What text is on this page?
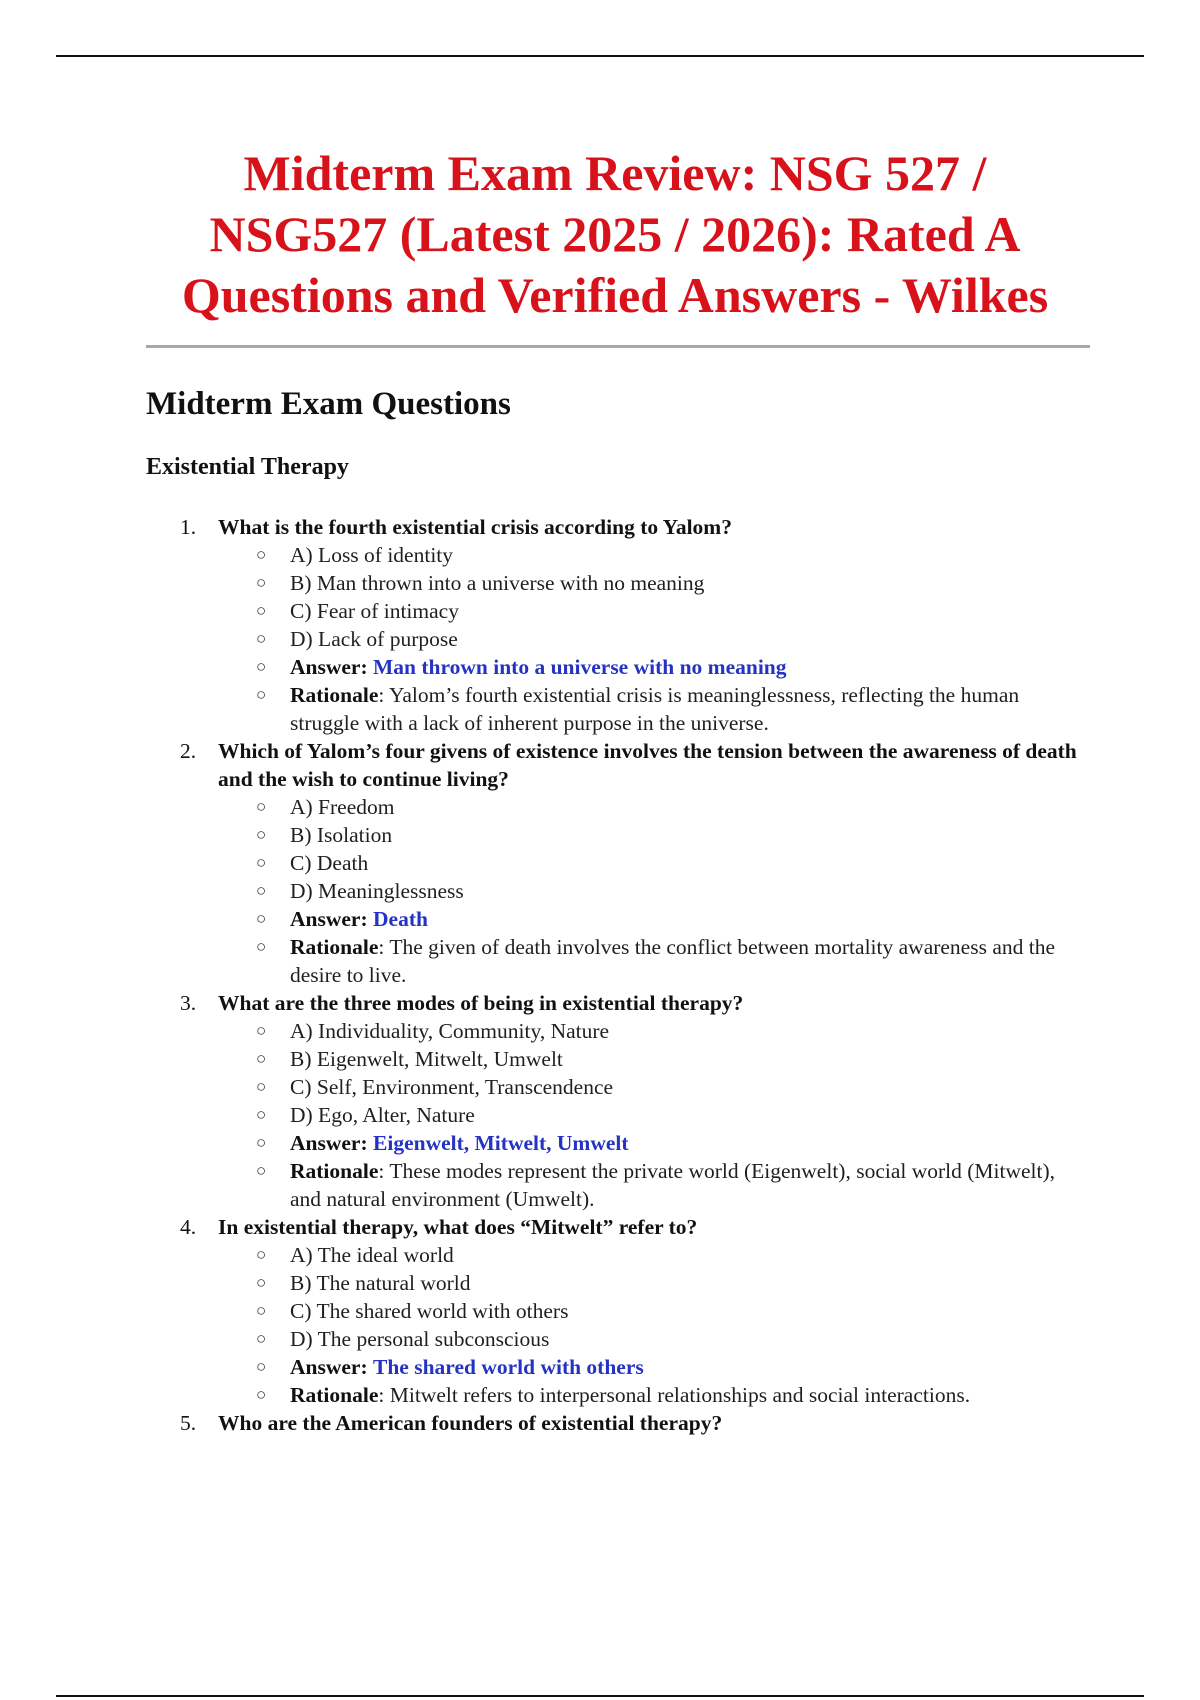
Midterm Exam Review: NSG 527 /
NSG527 (Latest 2025 / 2026): Rated A
Questions and Verified Answers - Wilkes
Midterm Exam Questions
Existential Therapy
1. What is the fourth existential crisis according to Yalom?
○ A) Loss of identity
○ B) Man thrown into a universe with no meaning
○ C) Fear of intimacy
○ D) Lack of purpose
○ Answer: Man thrown into a universe with no meaning
○ Rationale: Yalom’s fourth existential crisis is meaninglessness, reflecting the human struggle with a lack of inherent purpose in the universe.
2. Which of Yalom’s four givens of existence involves the tension between the awareness of death and the wish to continue living?
○ A) Freedom
○ B) Isolation
○ C) Death
○ D) Meaninglessness
○ Answer: Death
○ Rationale: The given of death involves the conflict between mortality awareness and the desire to live.
3. What are the three modes of being in existential therapy?
○ A) Individuality, Community, Nature
○ B) Eigenwelt, Mitwelt, Umwelt
○ C) Self, Environment, Transcendence
○ D) Ego, Alter, Nature
○ Answer: Eigenwelt, Mitwelt, Umwelt
○ Rationale: These modes represent the private world (Eigenwelt), social world (Mitwelt), and natural environment (Umwelt).
4. In existential therapy, what does “Mitwelt” refer to?
○ A) The ideal world
○ B) The natural world
○ C) The shared world with others
○ D) The personal subconscious
○ Answer: The shared world with others
○ Rationale: Mitwelt refers to interpersonal relationships and social interactions.
5. Who are the American founders of existential therapy?
